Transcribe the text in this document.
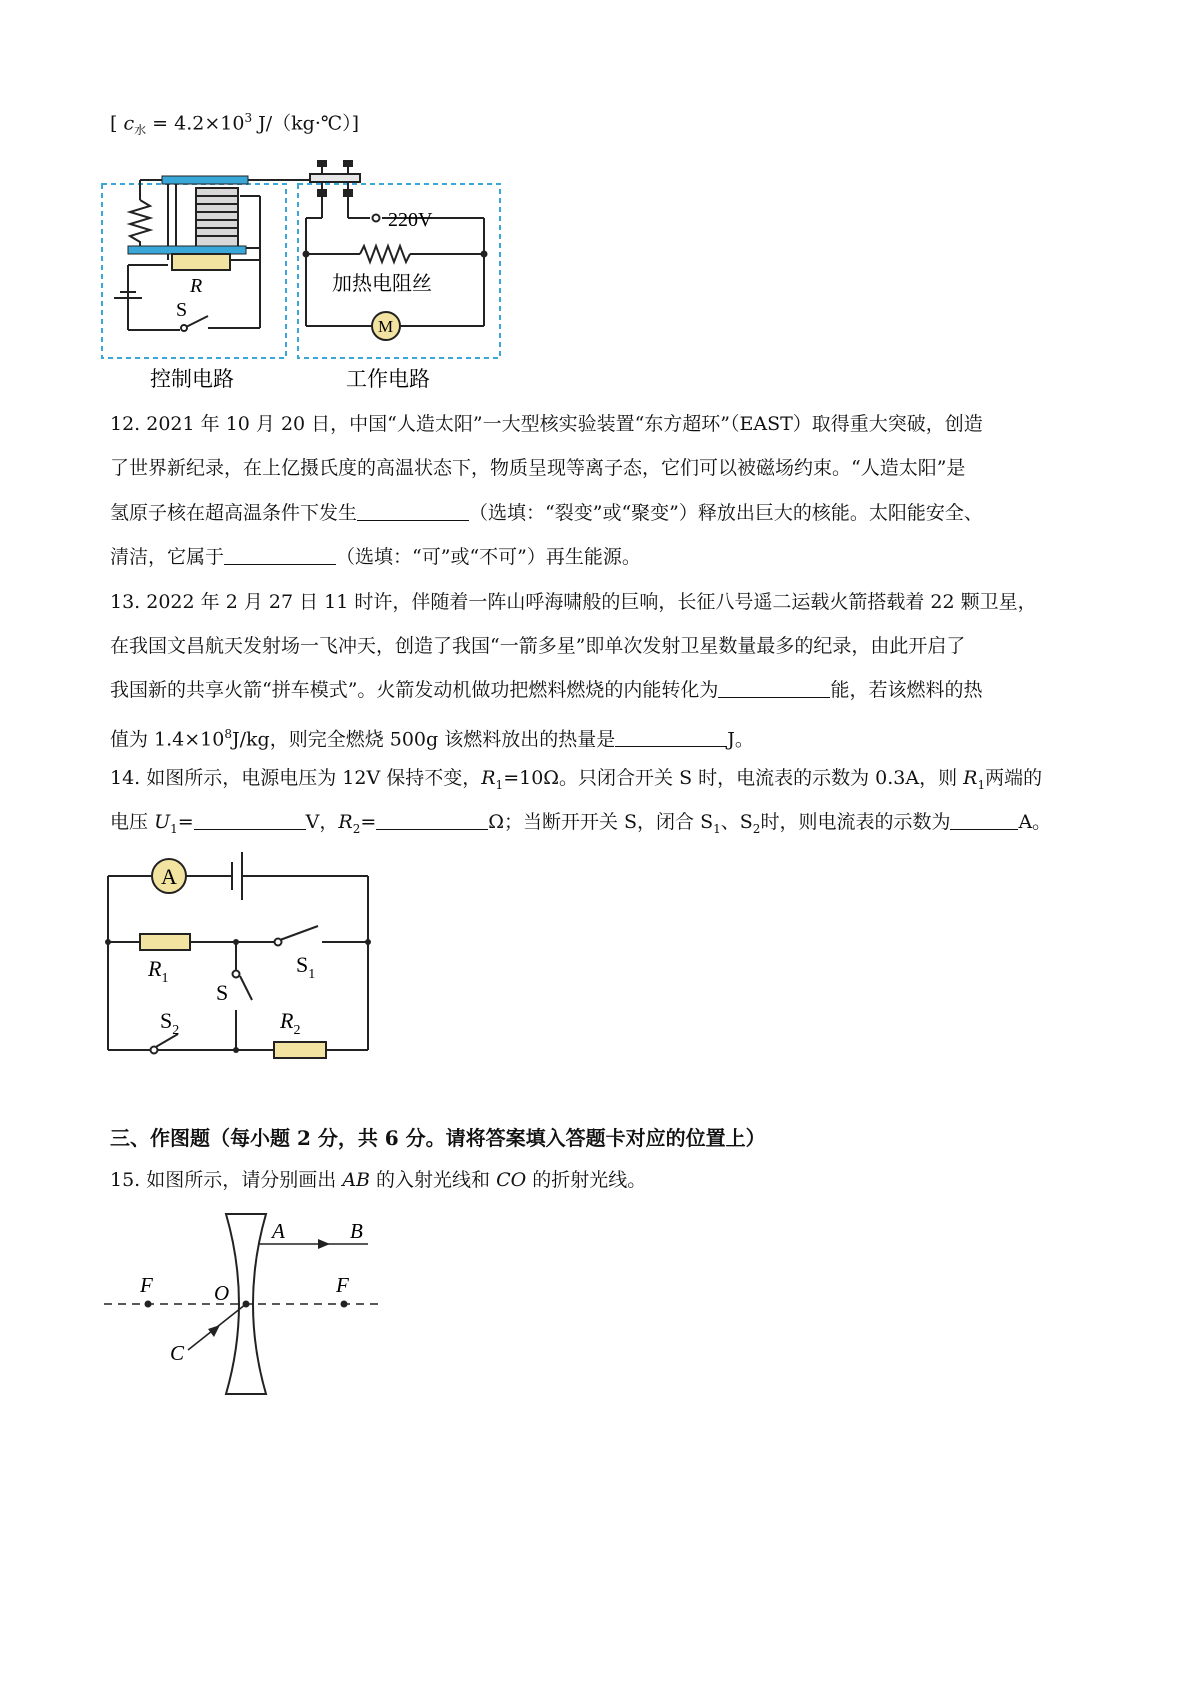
[ $c_水 = 4.2\times 10^3$ J/（kg·℃）]
R
S
220V
加热电阻丝
M
控制电路	工作电路
12. 2021 年 10 月 20 日，中国“人造太阳”一大型核实验装置“东方超环”（EAST）取得重大突破，创造
了世界新纪录，在上亿摄氏度的高温状态下，物质呈现等离子态，它们可以被磁场约束。“人造太阳”是
氢原子核在超高温条件下发生	（选填：“裂变”或“聚变”）释放出巨大的核能。太阳能安全、
清洁，它属于	（选填：“可”或“不可”）再生能源。
13. 2022 年 2 月 27 日 11 时许，伴随着一阵山呼海啸般的巨响，长征八号遥二运载火箭搭载着 22 颗卫星，
在我国文昌航天发射场一飞冲天，创造了我国“一箭多星”即单次发射卫星数量最多的纪录，由此开启了
我国新的共享火箭“拼车模式”。火箭发动机做功把燃料燃烧的内能转化为	能，若该燃料的热
值为 $1.4\times 10^8J/kg$，则完全燃烧 500g 该燃料放出的热量是	J。
14. 如图所示，电源电压为 12V 保持不变，$R_1=10\Omega$。只闭合开关 S 时，电流表的示数为 0.3A，则 $R_1$两端的
电压 $U_1=$	V，$R_2=$	Ω；当断开开关 S，闭合 $S_1$、$S_2$时，则电流表的示数为	A。
A
$R_1$
$S_1$
S
$S_2$	$R_2$
三、作图题（每小题 2 分，共 6 分。请将答案填入答题卡对应的位置上）
15. 如图所示，请分别画出 AB 的入射光线和 CO 的折射光线。
A	B
F	O	F
C
